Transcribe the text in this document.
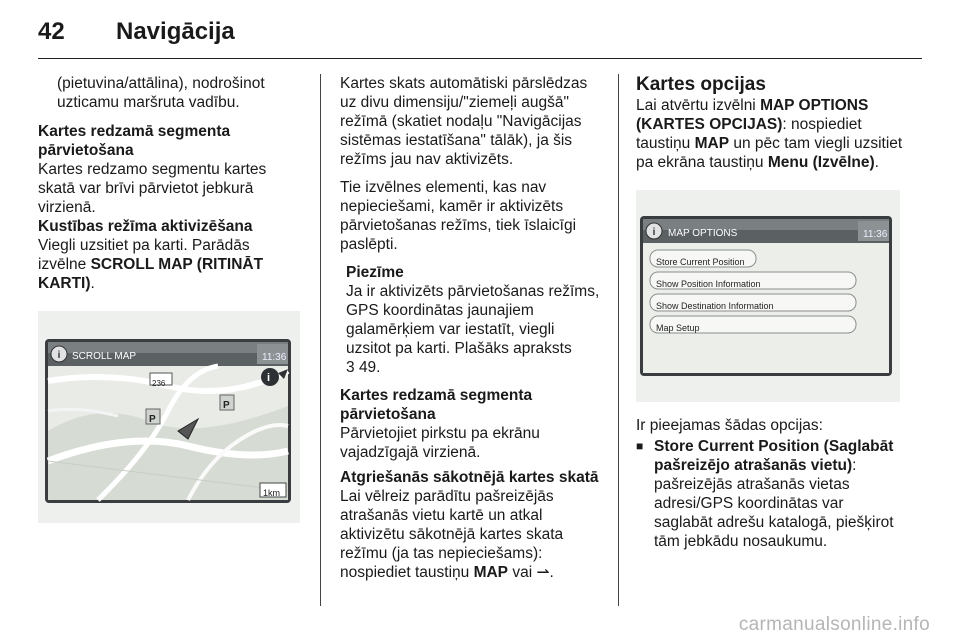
42 Navigācija

(pietuvina/attālina), nodrošinot uzticamu maršruta vadību.

Kartes redzamā segmenta pārvietošana

Kartes redzamo segmentu kartes skatā var brīvi pārvietot jebkurā virzienā.

Kustības režīma aktivizēšana

Viegli uzsitiet pa karti. Parādās izvēlne SCROLL MAP (RITINĀT KARTI).

i SCROLL MAP	11:36
236
P
P
i
1km

Kartes skats automātiski pārslēdzas uz divu dimensiju/"ziemeļi augšā" režīmā (skatiet nodaļu "Navigācijas sistēmas iestatīšana" tālāk), ja šis režīms jau nav aktivizēts.

Tie izvēlnes elementi, kas nav nepieciešami, kamēr ir aktivizēts pārvietošanas režīms, tiek īslaicīgi paslēpti.

Piezīme

Ja ir aktivizēts pārvietošanas režīms, GPS koordinātas jaunajiem galamērķiem var iestatīt, viegli uzsitot pa karti. Plašāks apraksts
3 49.

Kartes redzamā segmenta pārvietošana

Pārvietojiet pirkstu pa ekrānu vajadzīgajā virzienā.

Atgriešanās sākotnējā kartes skatā

Lai vēlreiz parādītu pašreizējās atrašanās vietu kartē un atkal aktivizētu sākotnējā kartes skata režīmu (ja tas nepieciešams): nospiediet taustiņu MAP vai ⇀.

Kartes opcijas

Lai atvērtu izvēlni MAP OPTIONS (KARTES OPCIJAS): nospiediet taustiņu MAP un pēc tam viegli uzsitiet pa ekrāna taustiņu Menu (Izvēlne).

i MAP OPTIONS	11:36
Store Current Position
Show Position Information
Show Destination Information
Map Setup

Ir pieejamas šādas opcijas:

■ Store Current Position (Saglabāt pašreizējo atrašanās vietu): pašreizējās atrašanās vietas adresi/GPS koordinātas var saglabāt adrešu katalogā, piešķirot tām jebkādu nosaukumu.

carmanualsonline.info
